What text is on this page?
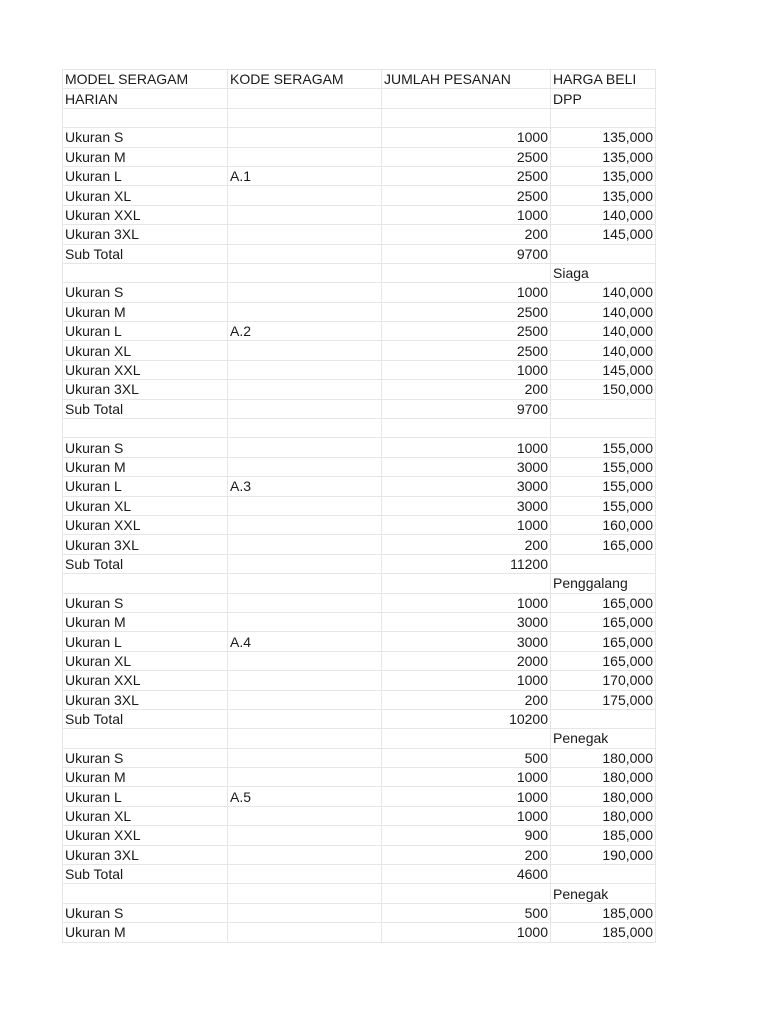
MODEL SERAGAM	KODE SERAGAM	JUMLAH PESANAN	HARGA BELI
HARIAN			DPP

Ukuran S		1000	135,000
Ukuran M		2500	135,000
Ukuran L	A.1	2500	135,000
Ukuran XL		2500	135,000
Ukuran XXL		1000	140,000
Ukuran 3XL		200	145,000
Sub Total		9700	
			Siaga
Ukuran S		1000	140,000
Ukuran M		2500	140,000
Ukuran L	A.2	2500	140,000
Ukuran XL		2500	140,000
Ukuran XXL		1000	145,000
Ukuran 3XL		200	150,000
Sub Total		9700	

Ukuran S		1000	155,000
Ukuran M		3000	155,000
Ukuran L	A.3	3000	155,000
Ukuran XL		3000	155,000
Ukuran XXL		1000	160,000
Ukuran 3XL		200	165,000
Sub Total		11200	
			Penggalang
Ukuran S		1000	165,000
Ukuran M		3000	165,000
Ukuran L	A.4	3000	165,000
Ukuran XL		2000	165,000
Ukuran XXL		1000	170,000
Ukuran 3XL		200	175,000
Sub Total		10200	
			Penegak
Ukuran S		500	180,000
Ukuran M		1000	180,000
Ukuran L	A.5	1000	180,000
Ukuran XL		1000	180,000
Ukuran XXL		900	185,000
Ukuran 3XL		200	190,000
Sub Total		4600	
			Penegak
Ukuran S		500	185,000
Ukuran M		1000	185,000
